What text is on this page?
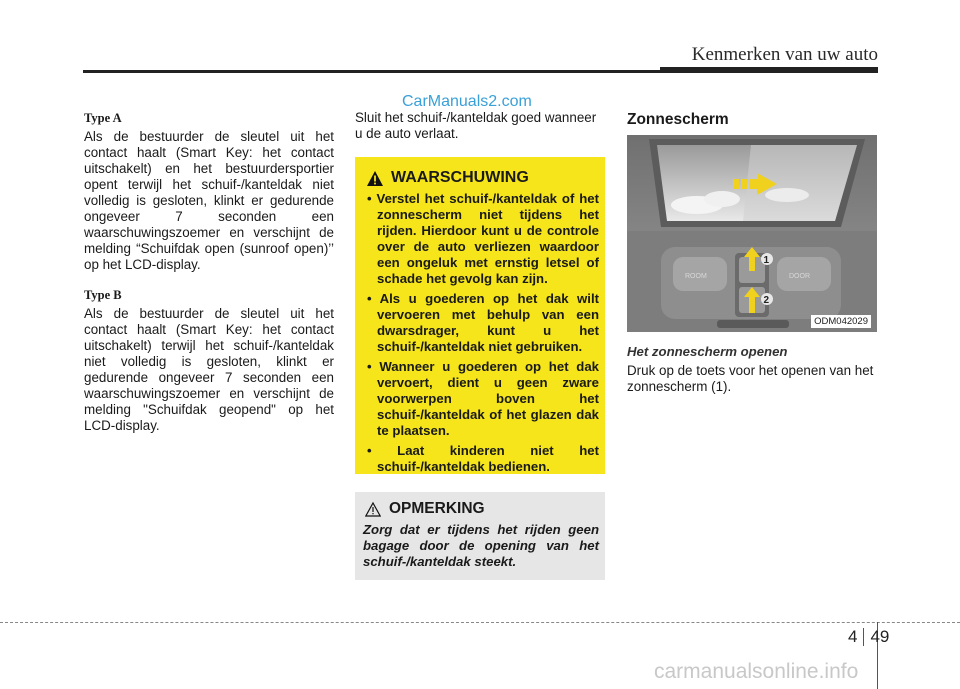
Kenmerken van uw auto
CarManuals2.com
Type A

Als de bestuurder de sleutel uit het contact haalt (Smart Key: het contact uitschakelt) en het bestuurdersportier opent terwijl het schuif-/kanteldak niet volledig is gesloten, klinkt er gedurende ongeveer 7 seconden een waarschuwingszoemer en verschijnt de melding “Schuifdak open (sunroof open)’’ op het LCD-display.

Type B

Als de bestuurder de sleutel uit het contact haalt (Smart Key: het contact uitschakelt) terwijl het schuif-/kanteldak niet volledig is gesloten, klinkt er gedurende ongeveer 7 seconden een waarschuwingszoemer en verschijnt de melding "Schuifdak geopend" op het LCD-display.

Sluit het schuif-/kanteldak goed wanneer u de auto verlaat.

WAARSCHUWING
• Verstel het schuif-/kanteldak of het zonnescherm niet tijdens het rijden. Hierdoor kunt u de controle over de auto verliezen waardoor een ongeluk met ernstig letsel of schade het gevolg kan zijn.
• Als u goederen op het dak wilt vervoeren met behulp van een dwarsdrager, kunt u het schuif-/kanteldak niet gebruiken.
• Wanneer u goederen op het dak vervoert, dient u geen zware voorwerpen boven het schuif-/kanteldak of het glazen dak te plaatsen.
• Laat kinderen niet het schuif-/kanteldak bedienen.
OPMERKING
Zorg dat er tijdens het rijden geen bagage door de opening van het schuif-/kanteldak steekt.
Zonnescherm
ROOM	DOOR
1
2
ODM042029
Het zonnescherm openen

Druk op de toets voor het openen van het zonnescherm (1).

4 49
carmanualsonline.info
